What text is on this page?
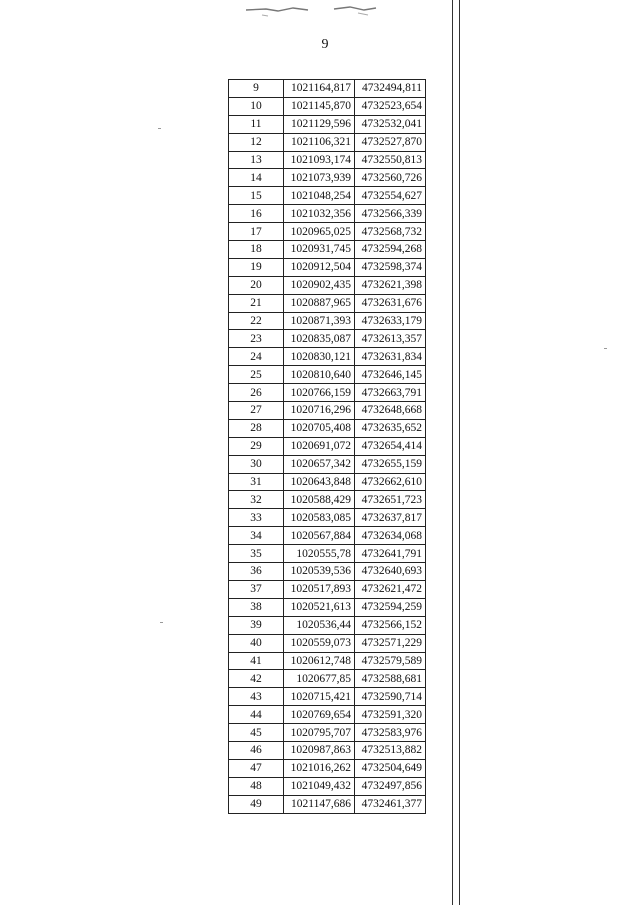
9
9	1021164,817	4732494,811
10	1021145,870	4732523,654
11	1021129,596	4732532,041
12	1021106,321	4732527,870
13	1021093,174	4732550,813
14	1021073,939	4732560,726
15	1021048,254	4732554,627
16	1021032,356	4732566,339
17	1020965,025	4732568,732
18	1020931,745	4732594,268
19	1020912,504	4732598,374
20	1020902,435	4732621,398
21	1020887,965	4732631,676
22	1020871,393	4732633,179
23	1020835,087	4732613,357
24	1020830,121	4732631,834
25	1020810,640	4732646,145
26	1020766,159	4732663,791
27	1020716,296	4732648,668
28	1020705,408	4732635,652
29	1020691,072	4732654,414
30	1020657,342	4732655,159
31	1020643,848	4732662,610
32	1020588,429	4732651,723
33	1020583,085	4732637,817
34	1020567,884	4732634,068
35	1020555,78	4732641,791
36	1020539,536	4732640,693
37	1020517,893	4732621,472
38	1020521,613	4732594,259
39	1020536,44	4732566,152
40	1020559,073	4732571,229
41	1020612,748	4732579,589
42	1020677,85	4732588,681
43	1020715,421	4732590,714
44	1020769,654	4732591,320
45	1020795,707	4732583,976
46	1020987,863	4732513,882
47	1021016,262	4732504,649
48	1021049,432	4732497,856
49	1021147,686	4732461,377
